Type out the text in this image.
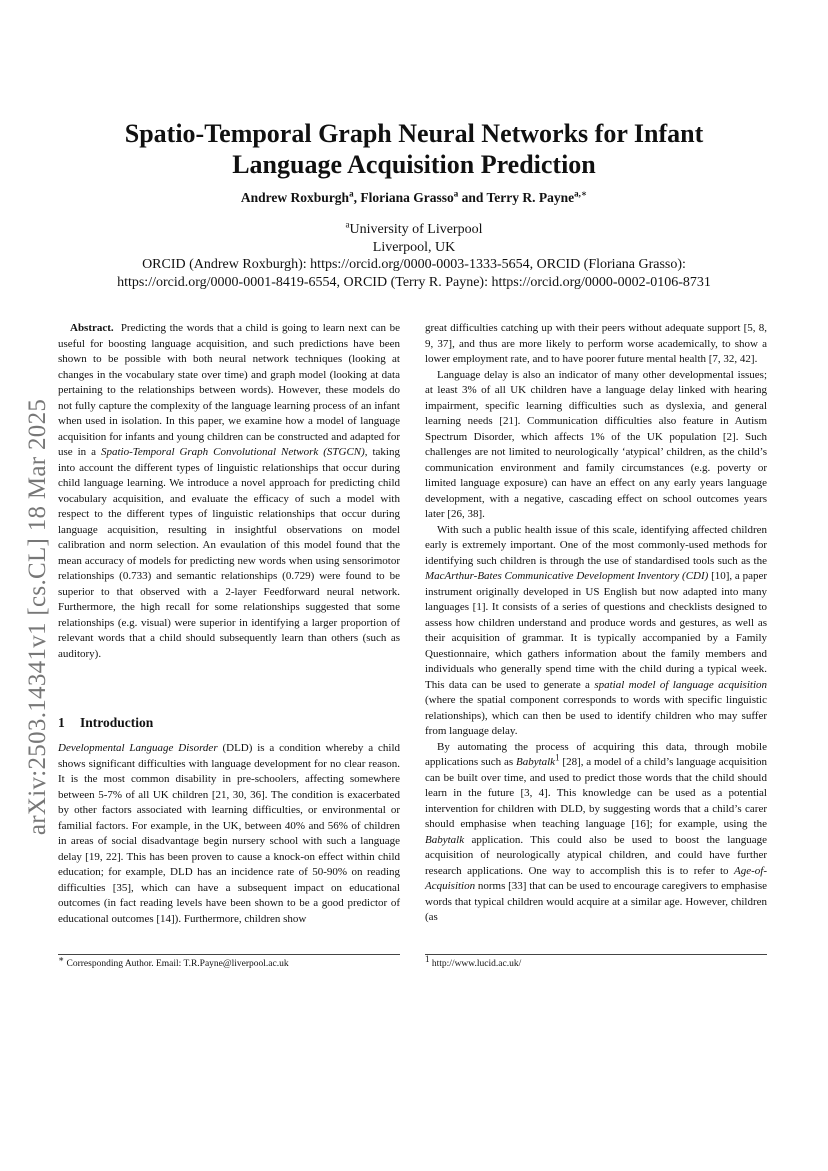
arXiv:2503.14341v1 [cs.CL] 18 Mar 2025
Spatio-Temporal Graph Neural Networks for Infant
Language Acquisition Prediction
Andrew Roxburgh$^a$, Floriana Grasso$^a$ and Terry R. Payne$^{a,∗}$
$^a$University of Liverpool
Liverpool, UK
ORCID (Andrew Roxburgh): https://orcid.org/0000-0003-1333-5654, ORCID (Floriana Grasso):
https://orcid.org/0000-0001-8419-6554, ORCID (Terry R. Payne): https://orcid.org/0000-0002-0106-8731

Abstract. Predicting the words that a child is going to learn next can be useful for boosting language acquisition, and such predictions have been shown to be possible with both neural network techniques (looking at changes in the vocabulary state over time) and graph model (looking at data pertaining to the relationships between words). However, these models do not fully capture the complexity of the language learning process of an infant when used in isolation. In this paper, we examine how a model of language acquisition for infants and young children can be constructed and adapted for use in a Spatio-Temporal Graph Convolutional Network (STGCN), taking into account the different types of linguistic relationships that occur during child language learning. We introduce a novel approach for predicting child vocabulary acquisition, and evaluate the efficacy of such a model with respect to the different types of linguistic relationships that occur during language acquisition, resulting in insightful observations on model calibration and norm selection. An evaulation of this model found that the mean accuracy of models for predicting new words when using sensorimotor relationships (0.733) and semantic relationships (0.729) were found to be superior to that observed with a 2-layer Feedforward neural network. Furthermore, the high recall for some relationships suggested that some relationships (e.g. visual) were superior in identifying a larger proportion of relevant words that a child should subsequently learn than others (such as auditory).

1 Introduction

Developmental Language Disorder (DLD) is a condition whereby a child shows significant difficulties with language development for no clear reason. It is the most common disability in pre-schoolers, affecting somewhere between 5-7% of all UK children [21, 30, 36]. The condition is exacerbated by other factors associated with learning difficulties, or environmental or familial factors. For example, in the UK, between 40% and 56% of children in areas of social disadvantage begin nursery school with such a language delay [19, 22]. This has been proven to cause a knock-on effect within child education; for example, DLD has an incidence rate of 50-90% on reading difficulties [35], which can have a subsequent impact on educational outcomes (in fact reading levels have been shown to be a good predictor of educational outcomes [14]). Furthermore, children show

great difficulties catching up with their peers without adequate support [5, 8, 9, 37], and thus are more likely to perform worse academically, to show a lower employment rate, and to have poorer future mental health [7, 32, 42].

Language delay is also an indicator of many other developmental issues; at least 3% of all UK children have a language delay linked with hearing impairment, specific learning difficulties such as dyslexia, and general learning needs [21]. Communication difficulties also feature in Autism Spectrum Disorder, which affects 1% of the UK population [2]. Such challenges are not limited to neurologically ‘atypical’ children, as the child’s communication environment and family circumstances (e.g. poverty or limited language exposure) can have an effect on any early years language development, with a negative, cascading effect on school outcomes years later [26, 38].

With such a public health issue of this scale, identifying affected children early is extremely important. One of the most commonly-used methods for identifying such children is through the use of standardised tools such as the MacArthur-Bates Communicative Development Inventory (CDI) [10], a paper instrument originally developed in US English but now adapted into many languages [1]. It consists of a series of questions and checklists designed to assess how children understand and produce words and gestures, as well as their acquisition of grammar. It is typically accompanied by a Family Questionnaire, which gathers information about the family members and individuals who generally spend time with the child during a typical week. This data can be used to generate a spatial model of language acquisition (where the spatial component corresponds to words with specific linguistic relationships), which can then be used to identify children who may suffer from language delay.

By automating the process of acquiring this data, through mobile applications such as Babytalk$^1$ [28], a model of a child’s language acquisition can be built over time, and used to predict those words that the child should learn in the future [3, 4]. This knowledge can be used as a potential intervention for children with DLD, by suggesting words that a child’s carer should emphasise when teaching language [16]; for example, using the Babytalk application. This could also be used to boost the language acquisition of neurologically atypical children, and could have further research applications. One way to accomplish this is to refer to Age-of-Acquisition norms [33] that can be used to encourage caregivers to emphasise words that typical children would acquire at a similar age. However, children (as

∗ Corresponding Author. Email: T.R.Payne@liverpool.ac.uk
$^1$ http://www.lucid.ac.uk/
